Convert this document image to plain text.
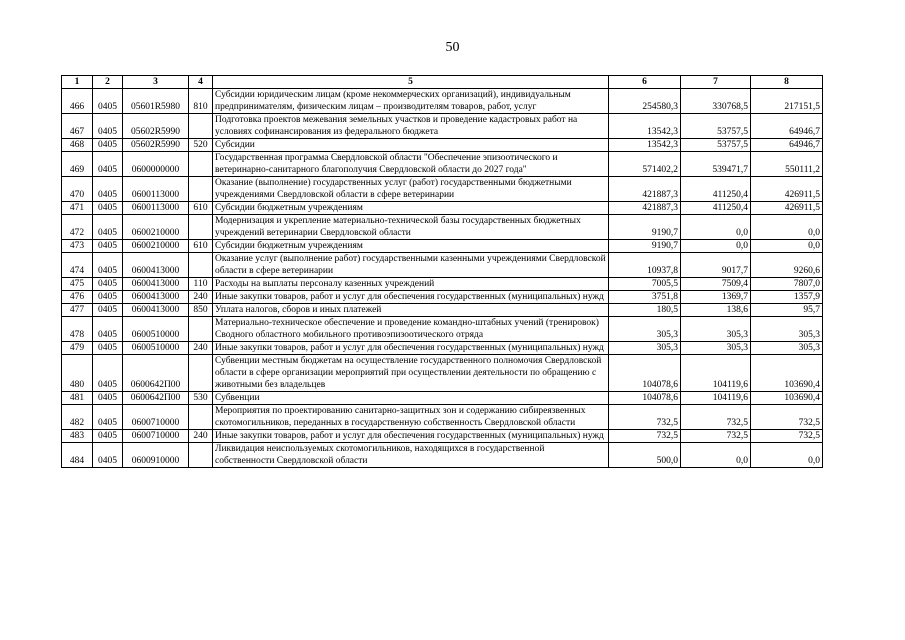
50
1	2	3	4	5	6	7	8
466	0405	05601R5980	810	Субсидии юридическим лицам (кроме некоммерческих организаций), индивидуальным предпринимателям, физическим лицам – производителям товаров, работ, услуг	254580,3	330768,5	217151,5
467	0405	05602R5990		Подготовка проектов межевания земельных участков и проведение кадастровых работ на условиях софинансирования из федерального бюджета	13542,3	53757,5	64946,7
468	0405	05602R5990	520	Субсидии	13542,3	53757,5	64946,7
469	0405	0600000000		Государственная программа Свердловской области "Обеспечение эпизоотического и ветеринарно-санитарного благополучия Свердловской области до 2027 года"	571402,2	539471,7	550111,2
470	0405	0600113000		Оказание (выполнение) государственных услуг (работ) государственными бюджетными учреждениями Свердловской области в сфере ветеринарии	421887,3	411250,4	426911,5
471	0405	0600113000	610	Субсидии бюджетным учреждениям	421887,3	411250,4	426911,5
472	0405	0600210000		Модернизация и укрепление материально-технической базы государственных бюджетных учреждений ветеринарии Свердловской области	9190,7	0,0	0,0
473	0405	0600210000	610	Субсидии бюджетным учреждениям	9190,7	0,0	0,0
474	0405	0600413000		Оказание услуг (выполнение работ) государственными казенными учреждениями Свердловской области в сфере ветеринарии	10937,8	9017,7	9260,6
475	0405	0600413000	110	Расходы на выплаты персоналу казенных учреждений	7005,5	7509,4	7807,0
476	0405	0600413000	240	Иные закупки товаров, работ и услуг для обеспечения государственных (муниципальных) нужд	3751,8	1369,7	1357,9
477	0405	0600413000	850	Уплата налогов, сборов и иных платежей	180,5	138,6	95,7
478	0405	0600510000		Материально-техническое обеспечение и проведение командно-штабных учений (тренировок) Сводного областного мобильного противоэпизоотического отряда	305,3	305,3	305,3
479	0405	0600510000	240	Иные закупки товаров, работ и услуг для обеспечения государственных (муниципальных) нужд	305,3	305,3	305,3
480	0405	0600642П00		Субвенции местным бюджетам на осуществление государственного полномочия Свердловской области в сфере организации мероприятий при осуществлении деятельности по обращению с животными без владельцев	104078,6	104119,6	103690,4
481	0405	0600642П00	530	Субвенции	104078,6	104119,6	103690,4
482	0405	0600710000		Мероприятия по проектированию санитарно-защитных зон и содержанию сибиреязвенных скотомогильников, переданных в государственную собственность Свердловской области	732,5	732,5	732,5
483	0405	0600710000	240	Иные закупки товаров, работ и услуг для обеспечения государственных (муниципальных) нужд	732,5	732,5	732,5
484	0405	0600910000		Ликвидация неиспользуемых скотомогильников, находящихся в государственной собственности Свердловской области	500,0	0,0	0,0
